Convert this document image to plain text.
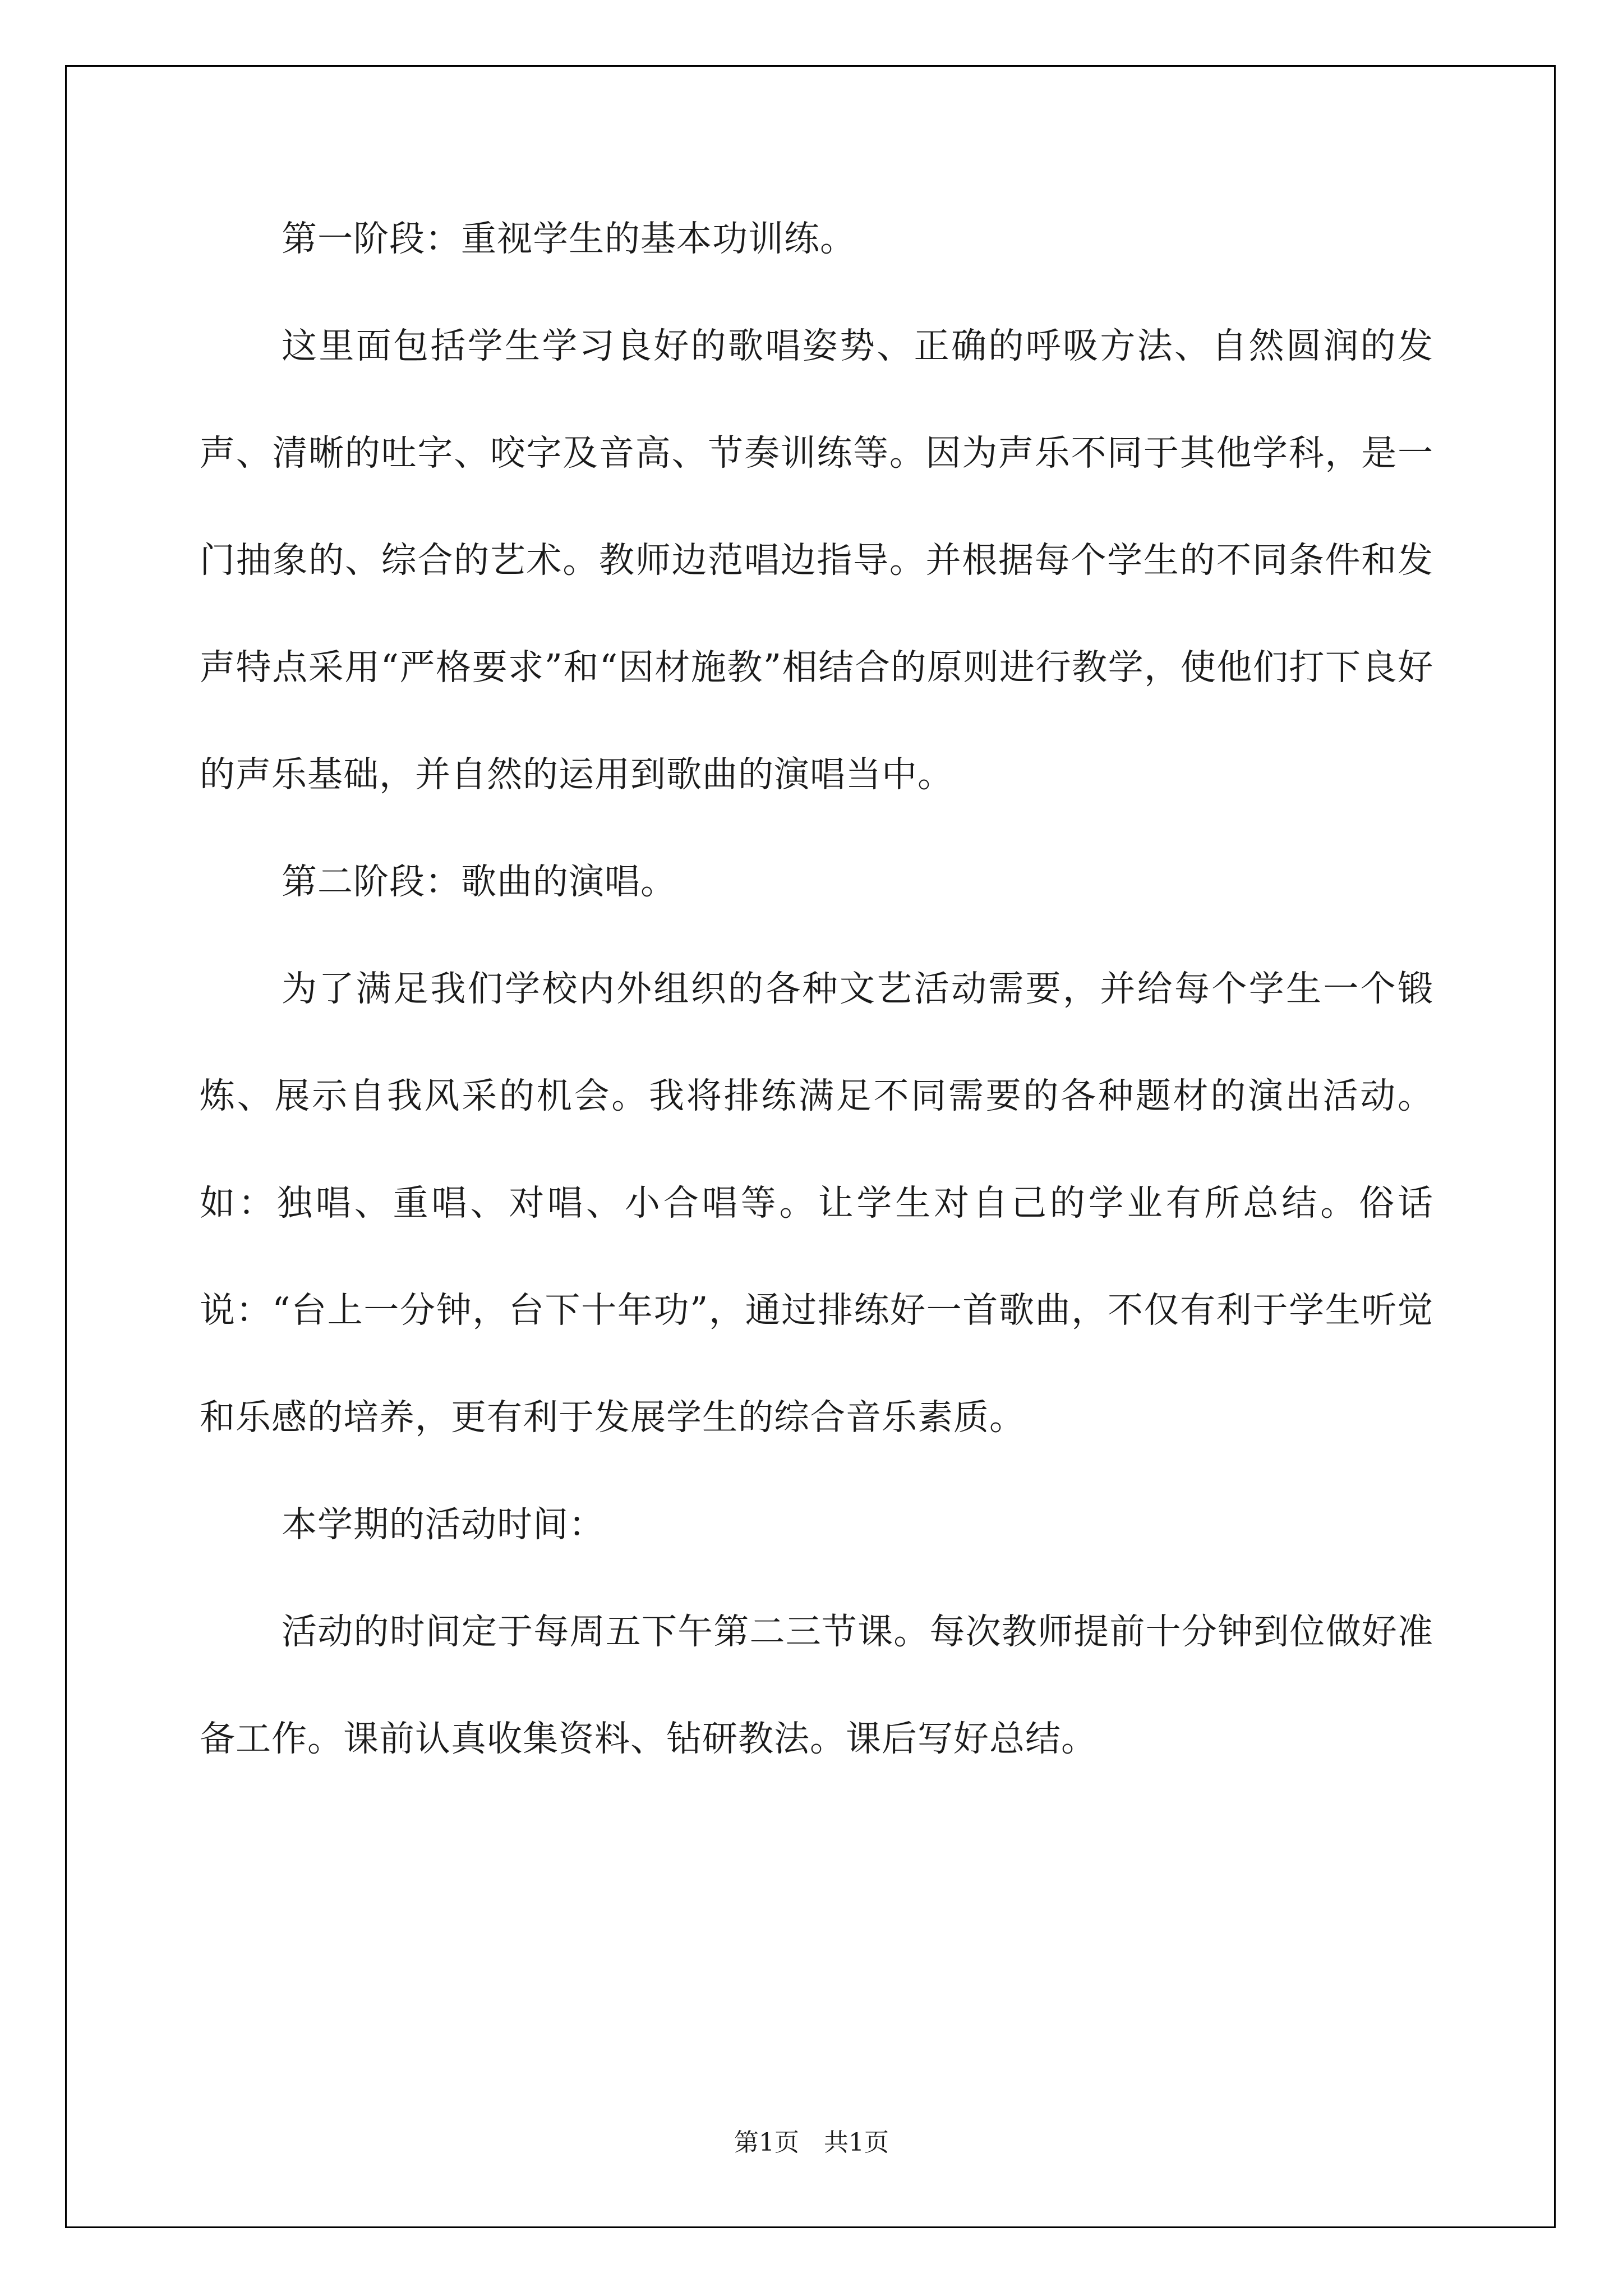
第一阶段：重视学生的基本功训练。

这里面包括学生学习良好的歌唱姿势、正确的呼吸方法、自然圆润的发声、清晰的吐字、咬字及音高、节奏训练等。因为声乐不同于其他学科，是一门抽象的、综合的艺术。教师边范唱边指导。并根据每个学生的不同条件和发声特点采用“严格要求”和“因材施教”相结合的原则进行教学，使他们打下良好的声乐基础，并自然的运用到歌曲的演唱当中。

第二阶段：歌曲的演唱。

为了满足我们学校内外组织的各种文艺活动需要，并给每个学生一个锻炼、展示自我风采的机会。我将排练满足不同需要的各种题材的演出活动。如：独唱、重唱、对唱、小合唱等。让学生对自己的学业有所总结。俗话说：“台上一分钟，台下十年功”，通过排练好一首歌曲，不仅有利于学生听觉和乐感的培养，更有利于发展学生的综合音乐素质。

本学期的活动时间：

活动的时间定于每周五下午第二三节课。每次教师提前十分钟到位做好准备工作。课前认真收集资料、钻研教法。课后写好总结。

第1页 共1页
